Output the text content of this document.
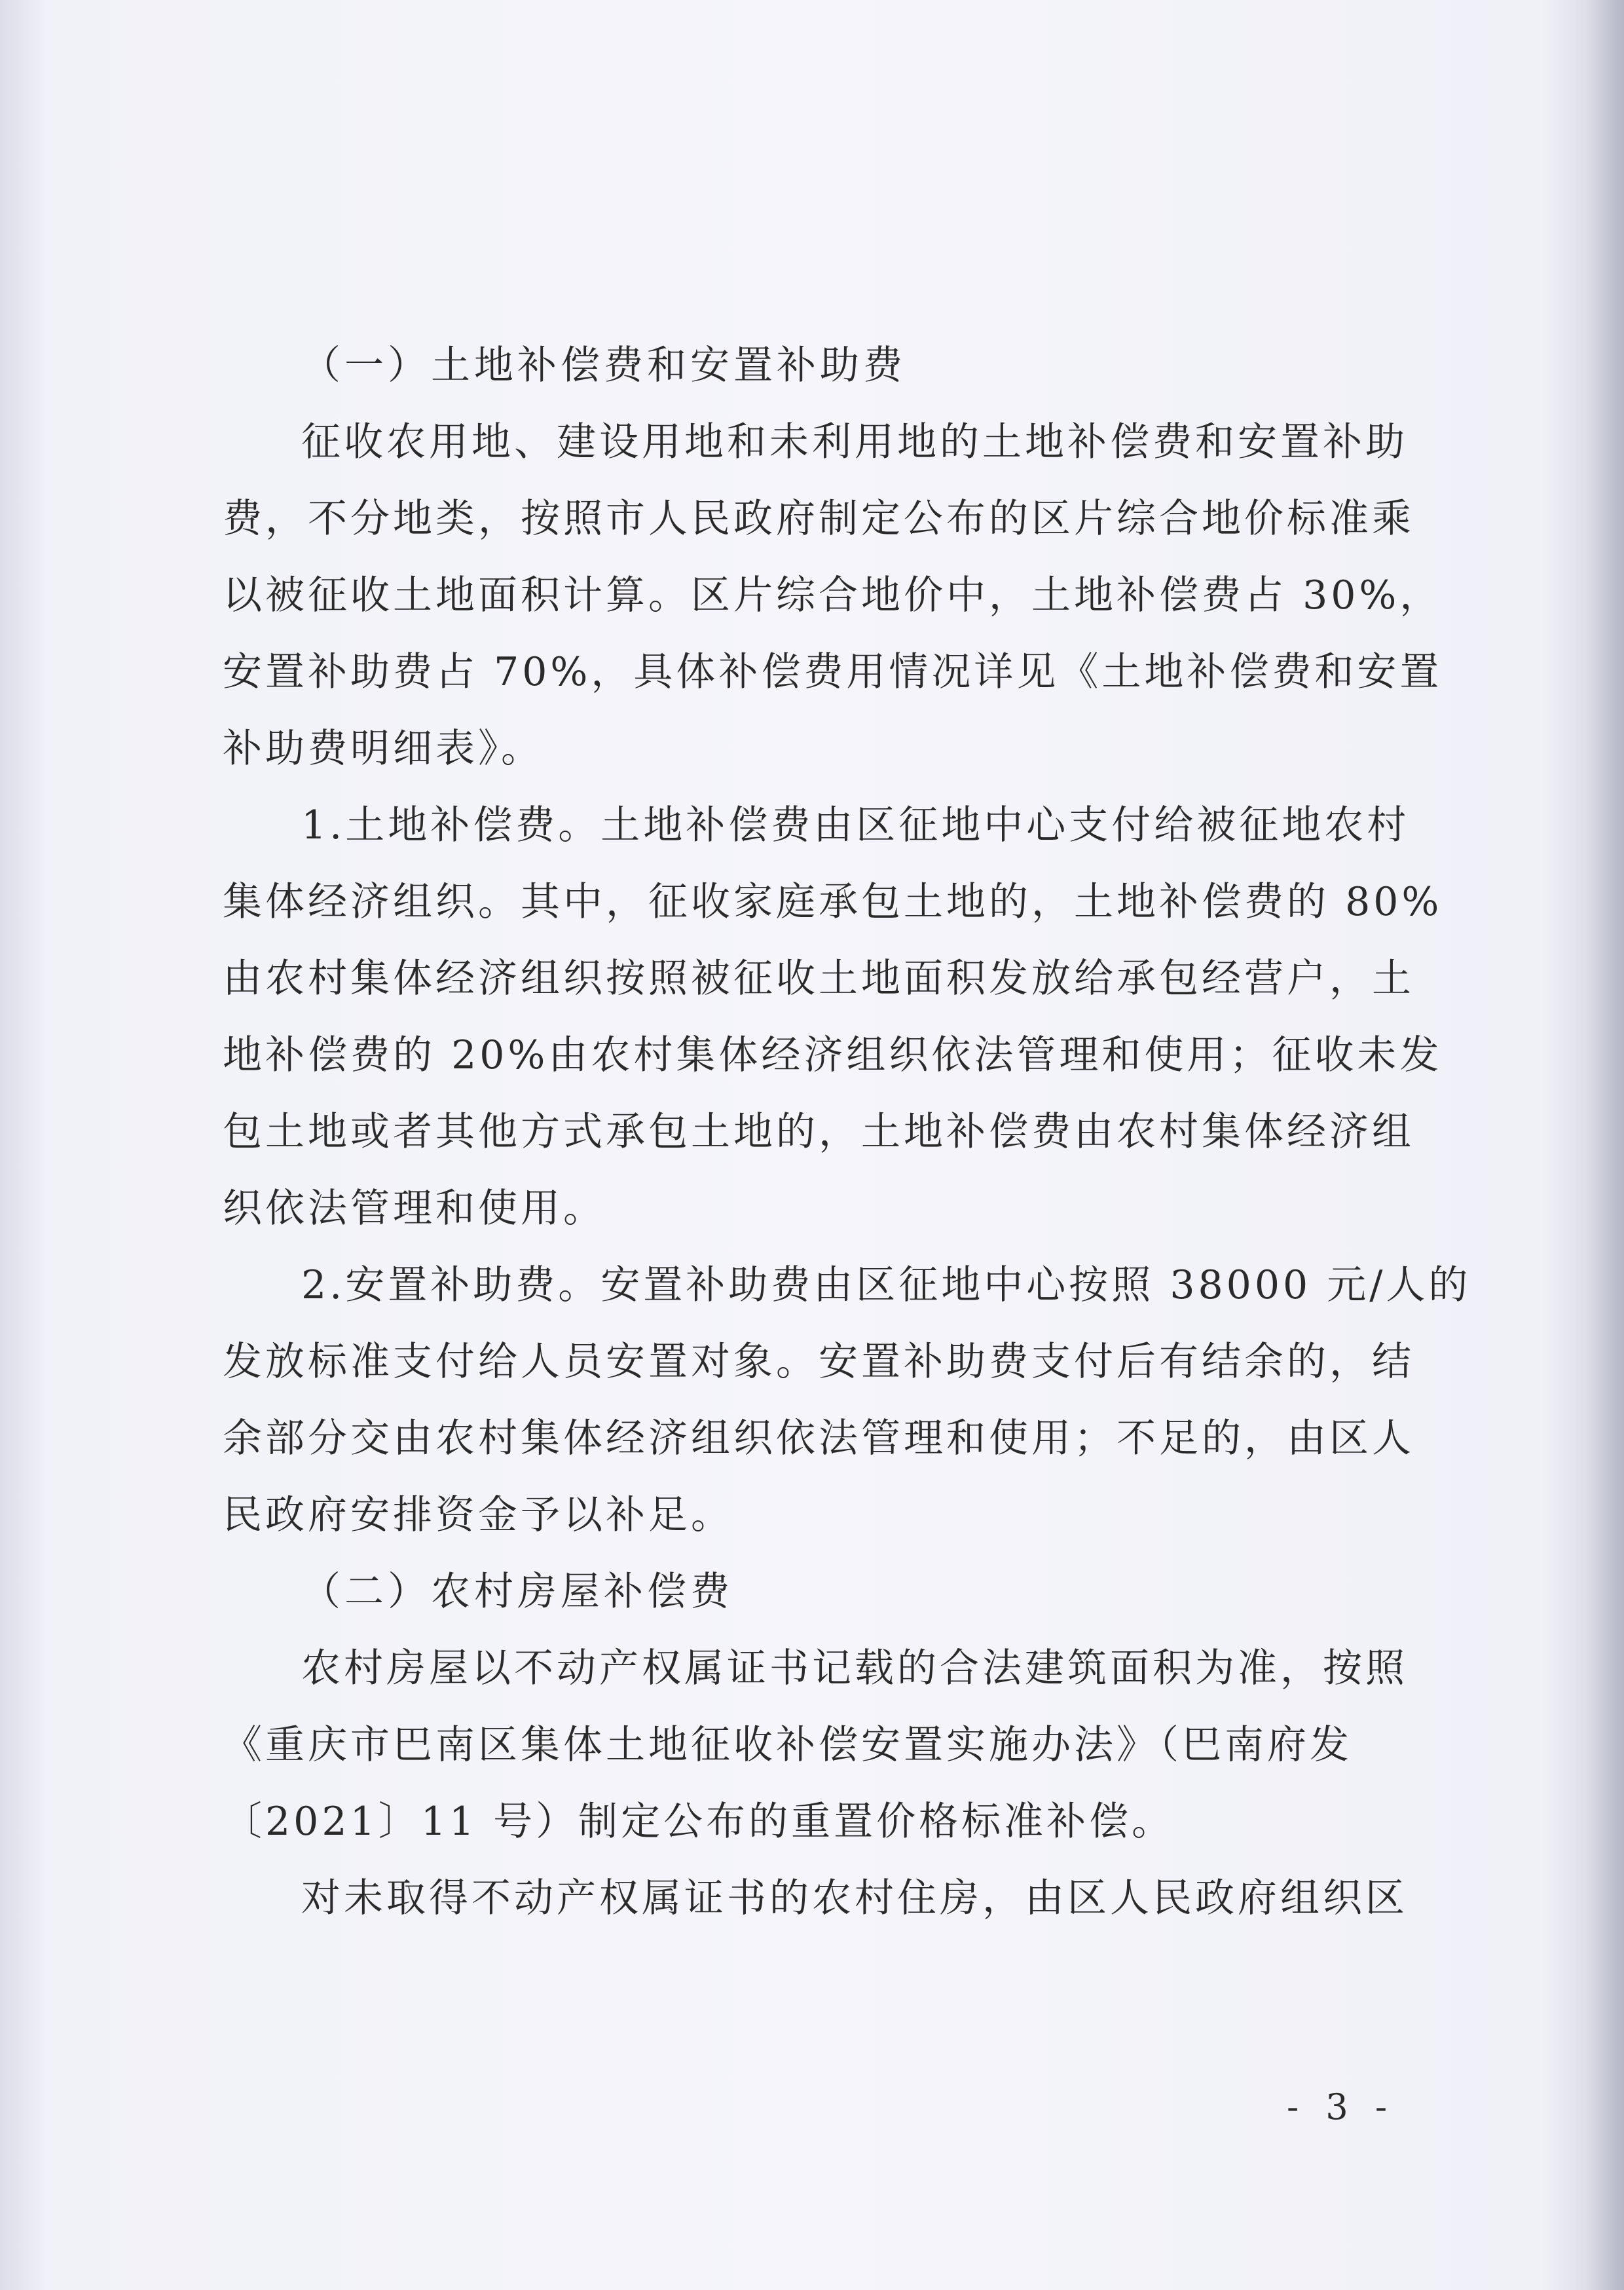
（一）土地补偿费和安置补助费

征收农用地、建设用地和未利用地的土地补偿费和安置补助

费，不分地类，按照市人民政府制定公布的区片综合地价标准乘

以被征收土地面积计算。区片综合地价中，土地补偿费占 30%，

安置补助费占 70%，具体补偿费用情况详见《土地补偿费和安置

补助费明细表》。

1.土地补偿费。土地补偿费由区征地中心支付给被征地农村

集体经济组织。其中，征收家庭承包土地的，土地补偿费的 80%

由农村集体经济组织按照被征收土地面积发放给承包经营户，土

地补偿费的 20%由农村集体经济组织依法管理和使用；征收未发

包土地或者其他方式承包土地的，土地补偿费由农村集体经济组

织依法管理和使用。

2.安置补助费。安置补助费由区征地中心按照 38000 元/人的

发放标准支付给人员安置对象。安置补助费支付后有结余的，结

余部分交由农村集体经济组织依法管理和使用；不足的，由区人

民政府安排资金予以补足。

（二）农村房屋补偿费

农村房屋以不动产权属证书记载的合法建筑面积为准，按照

《重庆市巴南区集体土地征收补偿安置实施办法》（巴南府发

〔2021〕11 号）制定公布的重置价格标准补偿。

对未取得不动产权属证书的农村住房，由区人民政府组织区

- 3 -
